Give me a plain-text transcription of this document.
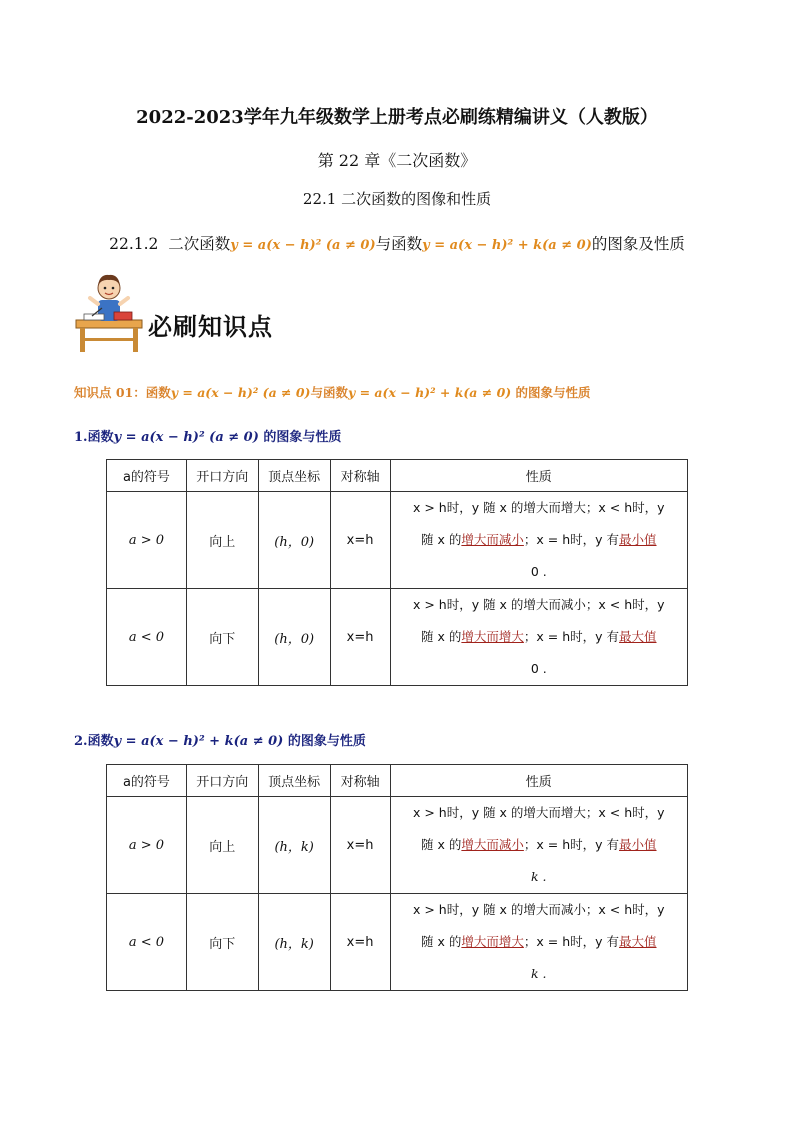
2022-2023学年九年级数学上册考点必刷练精编讲义（人教版）
第 22 章《二次函数》
22.1 二次函数的图像和性质
22.1.2 二次函数y = a(x − h)² (a ≠ 0)与函数y = a(x − h)² + k(a ≠ 0)的图象及性质
必刷知识点
知识点 01：函数y = a(x − h)² (a ≠ 0)与函数y = a(x − h)² + k(a ≠ 0) 的图象与性质
1.函数y = a(x − h)² (a ≠ 0) 的图象与性质
a的符号	开口方向	顶点坐标	对称轴	性质
a > 0	向上	(h，0)	x=h	x > h时，y 随 x 的增大而增大；x < h时，y
随 x 的增大而减小；x = h时，y 有最小值
0 .

a < 0	向下	(h，0)	x=h	x > h时，y 随 x 的增大而减小；x < h时，y
随 x 的增大而增大；x = h时，y 有最大值
0 .
2.函数y = a(x − h)² + k(a ≠ 0) 的图象与性质
a的符号	开口方向	顶点坐标	对称轴	性质
a > 0	向上	(h，k)	x=h	x > h时，y 随 x 的增大而增大；x < h时，y
随 x 的增大而减小；x = h时，y 有最小值
k .

a < 0	向下	(h，k)	x=h	x > h时，y 随 x 的增大而减小；x < h时，y
随 x 的增大而增大；x = h时，y 有最大值
k .
